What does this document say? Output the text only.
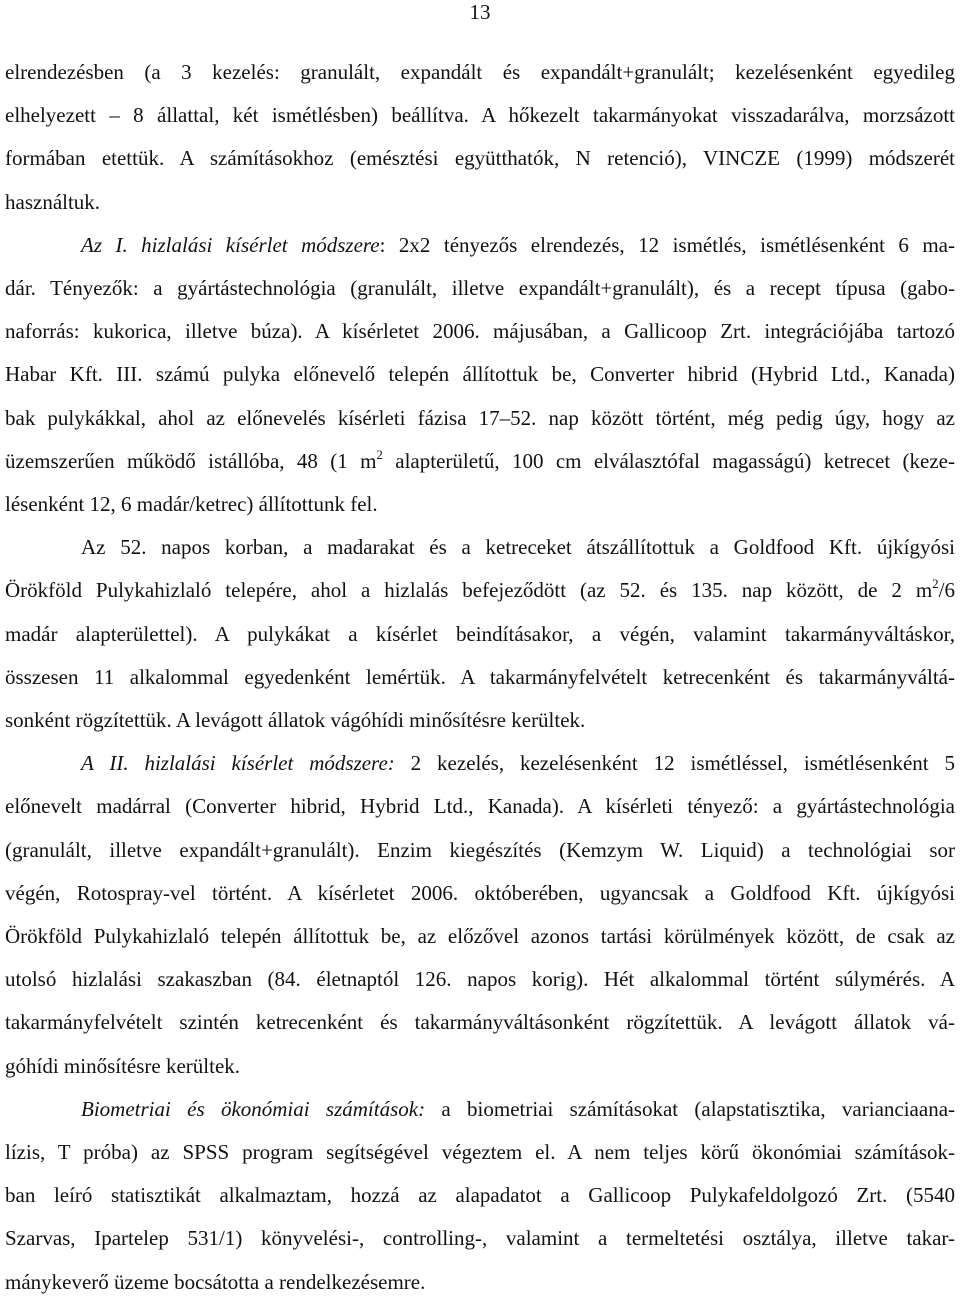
13
elrendezésben (a 3 kezelés: granulált, expandált és expandált+granulált; kezelésenként egyedileg
elhelyezett – 8 állattal, két ismétlésben) beállítva. A hőkezelt takarmányokat visszadarálva, morzsázott
formában etettük. A számításokhoz (emésztési együtthatók, N retenció), VINCZE (1999) módszerét
használtuk.
Az I. hizlalási kísérlet módszere: 2x2 tényezős elrendezés, 12 ismétlés, ismétlésenként 6 ma-
dár. Tényezők: a gyártástechnológia (granulált, illetve expandált+granulált), és a recept típusa (gabo-
naforrás: kukorica, illetve búza). A kísérletet 2006. májusában, a Gallicoop Zrt. integrációjába tartozó
Habar Kft. III. számú pulyka előnevelő telepén állítottuk be, Converter hibrid (Hybrid Ltd., Kanada)
bak pulykákkal, ahol az előnevelés kísérleti fázisa 17–52. nap között történt, még pedig úgy, hogy az
üzemszerűen működő istállóba, 48 (1 $m^2$ alapterületű, 100 cm elválasztófal magasságú) ketrecet (keze-
lésenként 12, 6 madár/ketrec) állítottunk fel.
Az 52. napos korban, a madarakat és a ketreceket átszállítottuk a Goldfood Kft. újkígyósi
Örökföld Pulykahizlaló telepére, ahol a hizlalás befejeződött (az 52. és 135. nap között, de 2 $m^2/6$
madár alapterülettel). A pulykákat a kísérlet beindításakor, a végén, valamint takarmányváltáskor,
összesen 11 alkalommal egyedenként lemértük. A takarmányfelvételt ketrecenként és takarmányváltá-
sonként rögzítettük. A levágott állatok vágóhídi minősítésre kerültek.
A II. hizlalási kísérlet módszere: 2 kezelés, kezelésenként 12 ismétléssel, ismétlésenként 5
előnevelt madárral (Converter hibrid, Hybrid Ltd., Kanada). A kísérleti tényező: a gyártástechnológia
(granulált, illetve expandált+granulált). Enzim kiegészítés (Kemzym W. Liquid) a technológiai sor
végén, Rotospray-vel történt. A kísérletet 2006. októberében, ugyancsak a Goldfood Kft. újkígyósi
Örökföld Pulykahizlaló telepén állítottuk be, az előzővel azonos tartási körülmények között, de csak az
utolsó hizlalási szakaszban (84. életnaptól 126. napos korig). Hét alkalommal történt súlymérés. A
takarmányfelvételt szintén ketrecenként és takarmányváltásonként rögzítettük. A levágott állatok vá-
góhídi minősítésre kerültek.
Biometriai és ökonómiai számítások: a biometriai számításokat (alapstatisztika, varianciaana-
lízis, T próba) az SPSS program segítségével végeztem el. A nem teljes körű ökonómiai számítások-
ban leíró statisztikát alkalmaztam, hozzá az alapadatot a Gallicoop Pulykafeldolgozó Zrt. (5540
Szarvas, Ipartelep 531/1) könyvelési-, controlling-, valamint a termeltetési osztálya, illetve takar-
mánykeverő üzeme bocsátotta a rendelkezésemre.
